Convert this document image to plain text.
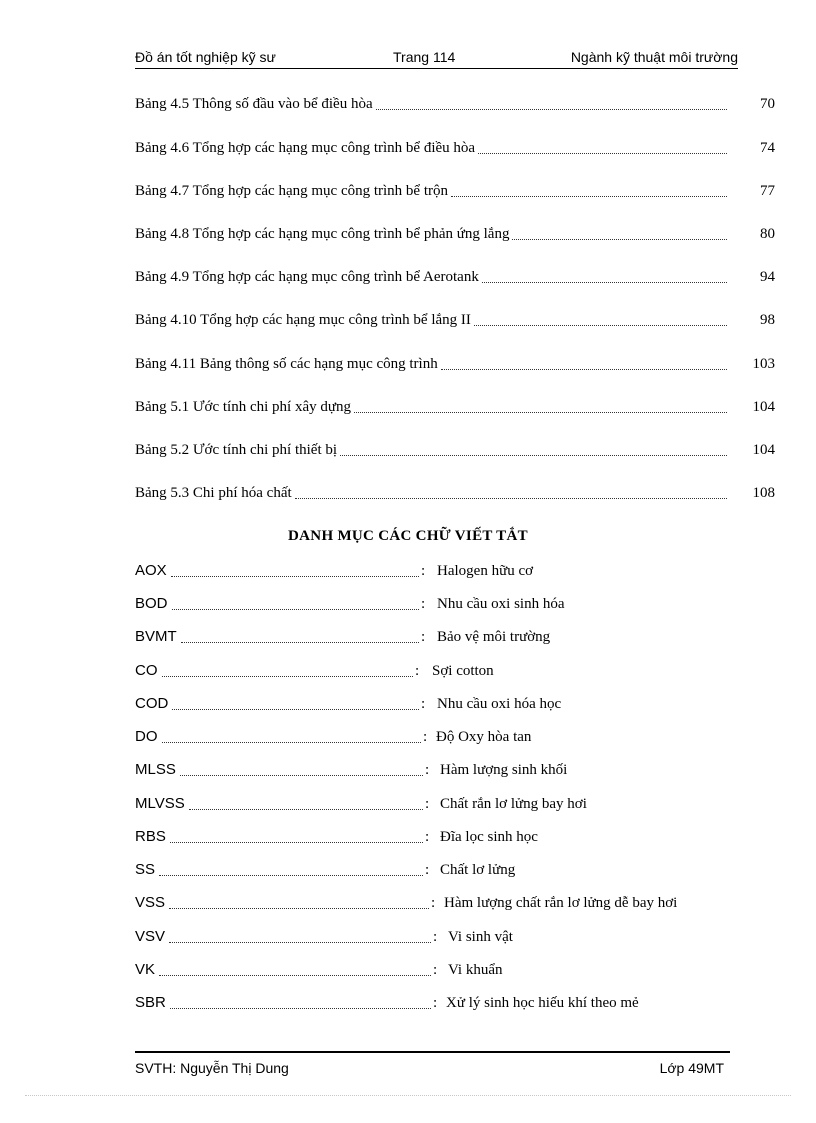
Đồ án tốt nghiệp kỹ sư	Trang 114	Ngành kỹ thuật môi trường
Bảng 4.5 Thông số đầu vào bể điều hòa	70
Bảng 4.6 Tổng hợp các hạng mục công trình bể điều hòa	74
Bảng 4.7 Tổng hợp các hạng mục công trình bể trộn	77
Bảng 4.8 Tổng hợp các hạng mục công trình bể phản ứng lắng	80
Bảng 4.9 Tổng hợp các hạng mục công trình bể Aerotank	94
Bảng 4.10 Tổng hợp các hạng mục công trình bể lắng II	98
Bảng 4.11 Bảng thông số các hạng mục công trình	103
Bảng 5.1 Ước tính chi phí xây dựng	104
Bảng 5.2 Ước tính chi phí thiết bị	104
Bảng 5.3 Chi phí hóa chất	108
DANH MỤC CÁC CHỮ VIẾT TẮT
AOX	: Halogen hữu cơ
BOD	: Nhu cầu oxi sinh hóa
BVMT	: Bảo vệ môi trường
CO	: Sợi cotton
COD	: Nhu cầu oxi hóa học
DO	: Độ Oxy hòa tan
MLSS	: Hàm lượng sinh khối
MLVSS	: Chất rắn lơ lửng bay hơi
RBS	: Đĩa lọc sinh học
SS	: Chất lơ lửng
VSS	: Hàm lượng chất rắn lơ lửng dễ bay hơi
VSV	: Vi sinh vật
VK	: Vi khuẩn
SBR	: Xử lý sinh học hiếu khí theo mẻ
SVTH: Nguyễn Thị Dung	Lớp 49MT
